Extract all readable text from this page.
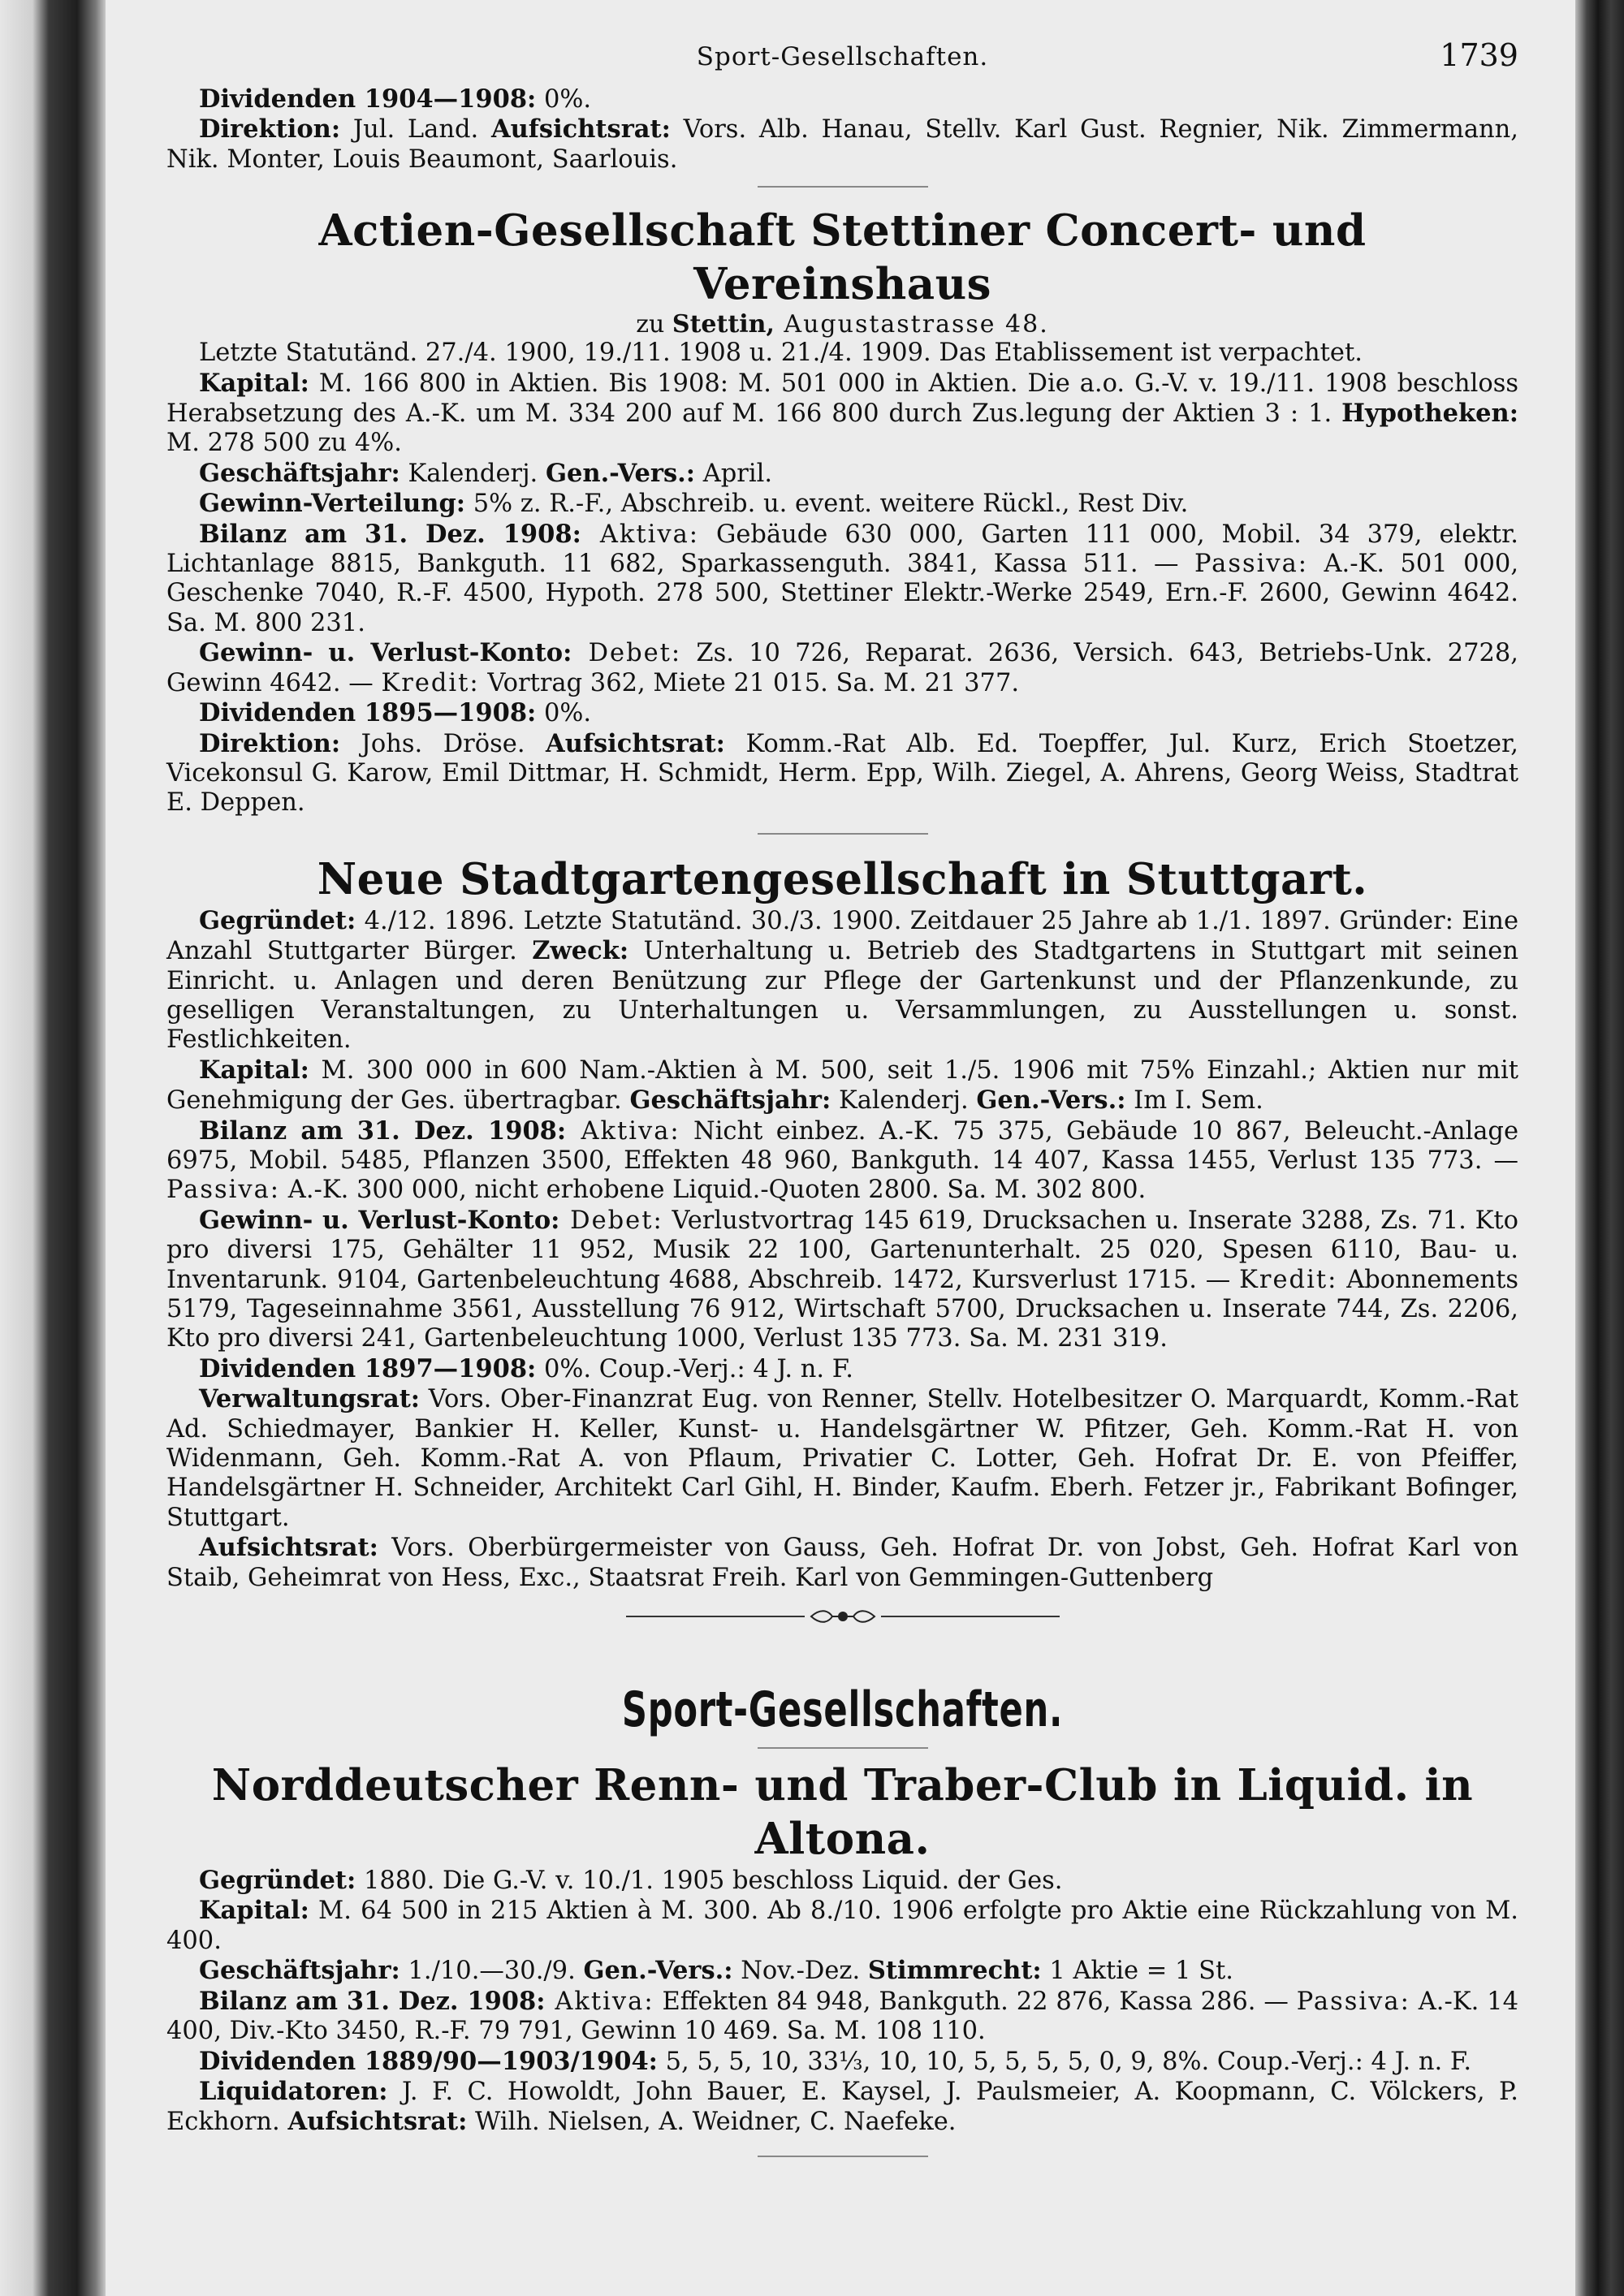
Sport-Gesellschaften.	1739

Dividenden 1904—1908: 0%.

Direktion: Jul. Land. Aufsichtsrat: Vors. Alb. Hanau, Stellv. Karl Gust. Regnier, Nik. Zimmermann, Nik. Monter, Louis Beaumont, Saarlouis.

Actien-Gesellschaft Stettiner Concert- und Vereinshaus

zu Stettin, Augustastrasse 48.

Letzte Statutänd. 27./4. 1900, 19./11. 1908 u. 21./4. 1909. Das Etablissement ist verpachtet.

Kapital: M. 166 800 in Aktien. Bis 1908: M. 501 000 in Aktien. Die a.o. G.-V. v. 19./11. 1908 beschloss Herabsetzung des A.-K. um M. 334 200 auf M. 166 800 durch Zus.legung der Aktien 3 : 1. Hypotheken: M. 278 500 zu 4%.

Geschäftsjahr: Kalenderj. Gen.-Vers.: April.

Gewinn-Verteilung: 5% z. R.-F., Abschreib. u. event. weitere Rückl., Rest Div.

Bilanz am 31. Dez. 1908: Aktiva: Gebäude 630 000, Garten 111 000, Mobil. 34 379, elektr. Lichtanlage 8815, Bankguth. 11 682, Sparkassenguth. 3841, Kassa 511. — Passiva: A.-K. 501 000, Geschenke 7040, R.-F. 4500, Hypoth. 278 500, Stettiner Elektr.-Werke 2549, Ern.-F. 2600, Gewinn 4642. Sa. M. 800 231.

Gewinn- u. Verlust-Konto: Debet: Zs. 10 726, Reparat. 2636, Versich. 643, Betriebs-Unk. 2728, Gewinn 4642. — Kredit: Vortrag 362, Miete 21 015. Sa. M. 21 377.

Dividenden 1895—1908: 0%.

Direktion: Johs. Dröse. Aufsichtsrat: Komm.-Rat Alb. Ed. Toepffer, Jul. Kurz, Erich Stoetzer, Vicekonsul G. Karow, Emil Dittmar, H. Schmidt, Herm. Epp, Wilh. Ziegel, A. Ahrens, Georg Weiss, Stadtrat E. Deppen.

Neue Stadtgartengesellschaft in Stuttgart.

Gegründet: 4./12. 1896. Letzte Statutänd. 30./3. 1900. Zeitdauer 25 Jahre ab 1./1. 1897. Gründer: Eine Anzahl Stuttgarter Bürger. Zweck: Unterhaltung u. Betrieb des Stadtgartens in Stuttgart mit seinen Einricht. u. Anlagen und deren Benützung zur Pflege der Gartenkunst und der Pflanzenkunde, zu geselligen Veranstaltungen, zu Unterhaltungen u. Versammlungen, zu Ausstellungen u. sonst. Festlichkeiten.

Kapital: M. 300 000 in 600 Nam.-Aktien à M. 500, seit 1./5. 1906 mit 75% Einzahl.; Aktien nur mit Genehmigung der Ges. übertragbar. Geschäftsjahr: Kalenderj. Gen.-Vers.: Im I. Sem.

Bilanz am 31. Dez. 1908: Aktiva: Nicht einbez. A.-K. 75 375, Gebäude 10 867, Beleucht.-Anlage 6975, Mobil. 5485, Pflanzen 3500, Effekten 48 960, Bankguth. 14 407, Kassa 1455, Verlust 135 773. — Passiva: A.-K. 300 000, nicht erhobene Liquid.-Quoten 2800. Sa. M. 302 800.

Gewinn- u. Verlust-Konto: Debet: Verlustvortrag 145 619, Drucksachen u. Inserate 3288, Zs. 71. Kto pro diversi 175, Gehälter 11 952, Musik 22 100, Gartenunterhalt. 25 020, Spesen 6110, Bau- u. Inventarunk. 9104, Gartenbeleuchtung 4688, Abschreib. 1472, Kursverlust 1715. — Kredit: Abonnements 5179, Tageseinnahme 3561, Ausstellung 76 912, Wirtschaft 5700, Drucksachen u. Inserate 744, Zs. 2206, Kto pro diversi 241, Gartenbeleuchtung 1000, Verlust 135 773. Sa. M. 231 319.

Dividenden 1897—1908: 0%. Coup.-Verj.: 4 J. n. F.

Verwaltungsrat: Vors. Ober-Finanzrat Eug. von Renner, Stellv. Hotelbesitzer O. Marquardt, Komm.-Rat Ad. Schiedmayer, Bankier H. Keller, Kunst- u. Handelsgärtner W. Pfitzer, Geh. Komm.-Rat H. von Widenmann, Geh. Komm.-Rat A. von Pflaum, Privatier C. Lotter, Geh. Hofrat Dr. E. von Pfeiffer, Handelsgärtner H. Schneider, Architekt Carl Gihl, H. Binder, Kaufm. Eberh. Fetzer jr., Fabrikant Bofinger, Stuttgart.

Aufsichtsrat: Vors. Oberbürgermeister von Gauss, Geh. Hofrat Dr. von Jobst, Geh. Hofrat Karl von Staib, Geheimrat von Hess, Exc., Staatsrat Freih. Karl von Gemmingen-Guttenberg

Sport-Gesellschaften.
Norddeutscher Renn- und Traber-Club in Liquid. in Altona.

Gegründet: 1880. Die G.-V. v. 10./1. 1905 beschloss Liquid. der Ges.

Kapital: M. 64 500 in 215 Aktien à M. 300. Ab 8./10. 1906 erfolgte pro Aktie eine Rückzahlung von M. 400.

Geschäftsjahr: 1./10.—30./9. Gen.-Vers.: Nov.-Dez. Stimmrecht: 1 Aktie = 1 St.

Bilanz am 31. Dez. 1908: Aktiva: Effekten 84 948, Bankguth. 22 876, Kassa 286. — Passiva: A.-K. 14 400, Div.-Kto 3450, R.-F. 79 791, Gewinn 10 469. Sa. M. 108 110.

Dividenden 1889/90—1903/1904: 5, 5, 5, 10, 33⅓, 10, 10, 5, 5, 5, 5, 0, 9, 8%. Coup.-Verj.: 4 J. n. F.

Liquidatoren: J. F. C. Howoldt, John Bauer, E. Kaysel, J. Paulsmeier, A. Koopmann, C. Völckers, P. Eckhorn. Aufsichtsrat: Wilh. Nielsen, A. Weidner, C. Naefeke.
